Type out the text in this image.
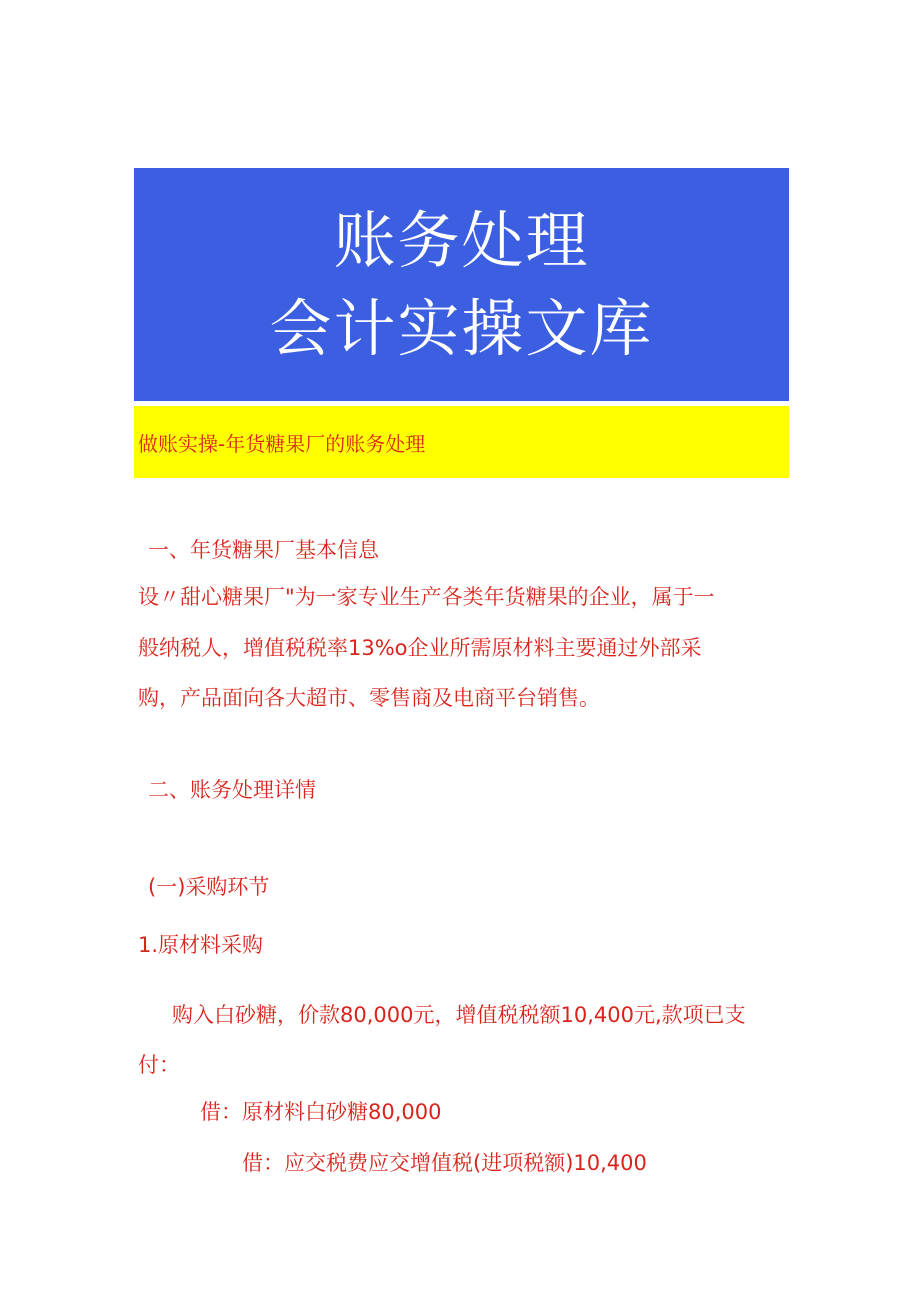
账务处理
会计实操文库
做账实操-年货糖果厂的账务处理
一、年货糖果厂基本信息
设〃甜心糖果厂"为一家专业生产各类年货糖果的企业，属于一
般纳税人，增值税税率13%o企业所需原材料主要通过外部采
购，产品面向各大超市、零售商及电商平台销售。
二、账务处理详情
(一)采购环节
1.原材料采购
购入白砂糖，价款80,000元，增值税税额10,400元,款项已支
付：
借：原材料白砂糖80,000
借：应交税费应交增值税(进项税额)10,400
